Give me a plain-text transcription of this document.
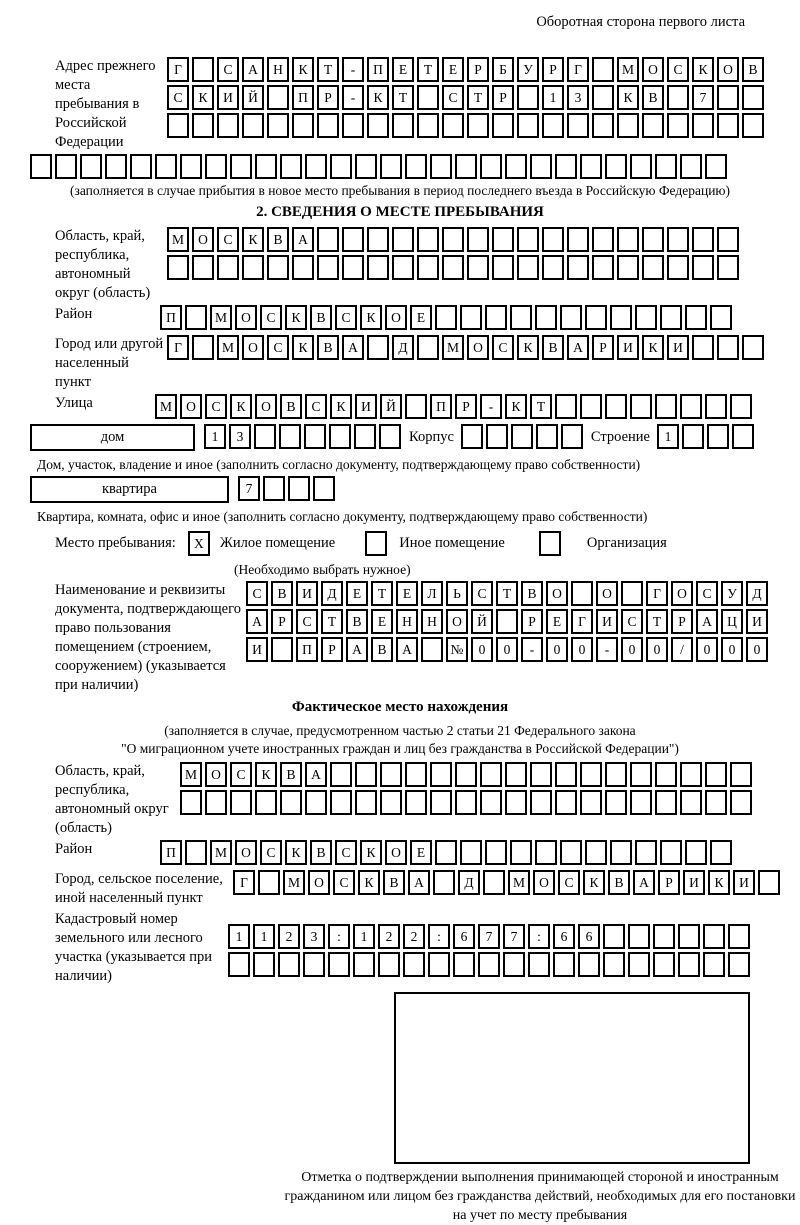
Оборотная сторона первого листа
Адрес прежнего места пребывания в Российской Федерации
Г	С А Н К Т - П Е Т Е Р Б У Р Г	М О С К О В
С К И Й	П Р - К Т	С Т Р	1 3	К В	7
(заполняется в случае прибытия в новое место пребывания в период последнего въезда в Российскую Федерацию)
2. СВЕДЕНИЯ О МЕСТЕ ПРЕБЫВАНИЯ
Область, край, республика, автономный округ (область)
М О С К В А
Район	П	М О С К В С К О Е
Город или другой населенный пункт
Г	М О С К В А	Д	М О С К В А Р И К И
Улица	М О С К О В С К И Й	П Р - К Т
дом	1 3	Корпус	Строение 1
Дом, участок, владение и иное (заполнить согласно документу, подтверждающему право собственности)
квартира	7
Квартира, комната, офис и иное (заполнить согласно документу, подтверждающему право собственности)
Место пребывания: X Жилое помещение	Иное помещение	Организация
(Необходимо выбрать нужное)
Наименование и реквизиты документа, подтверждающего право пользования помещением (строением, сооружением) (указывается при наличии)
С В И Д Е Т Е Л Ь С Т В О	О	Г О С У Д
А Р С Т В Е Н Н О Й	Р Е Г И С Т Р А Ц И
И	П Р А В А	№ 0 0 - 0 0 - 0 0 / 0 0 0
Фактическое место нахождения
(заполняется в случае, предусмотренном частью 2 статьи 21 Федерального закона
"О миграционном учете иностранных граждан и лиц без гражданства в Российской Федерации")
Область, край, республика, автономный округ (область)
М О С К В А
Район	П	М О С К В С К О Е
Город, сельское поселение, иной населенный пункт
Г	М О С К В А	Д	М О С К В А Р И К И
Кадастровый номер земельного или лесного участка (указывается при наличии)
1 1 2 3 : 1 2 2 : 6 7 7 : 6 6
Отметка о подтверждении выполнения принимающей стороной и иностранным гражданином или лицом без гражданства действий, необходимых для его постановки на учет по месту пребывания
